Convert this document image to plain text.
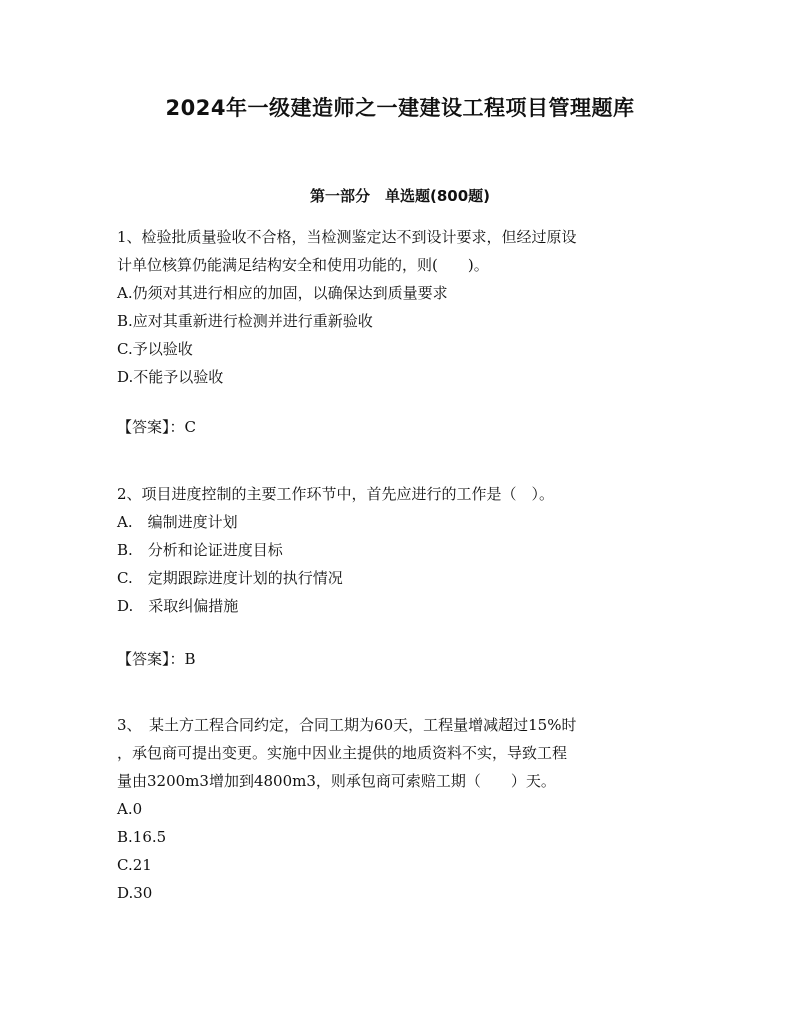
2024年一级建造师之一建建设工程项目管理题库
第一部分　单选题(800题)
1、检验批质量验收不合格，当检测鉴定达不到设计要求，但经过原设
计单位核算仍能满足结构安全和使用功能的，则(　　)。
A.仍须对其进行相应的加固，以确保达到质量要求
B.应对其重新进行检测并进行重新验收
C.予以验收
D.不能予以验收
【答案】：C
2、项目进度控制的主要工作环节中，首先应进行的工作是（　）。
A.　编制进度计划
B.　分析和论证进度目标
C.　定期跟踪进度计划的执行情况
D.　采取纠偏措施
【答案】：B
3、　某土方工程合同约定，合同工期为60天，工程量增减超过15%时
，承包商可提出变更。实施中因业主提供的地质资料不实，导致工程
量由3200m3增加到4800m3，则承包商可索赔工期（　　）天。
A.0
B.16.5
C.21
D.30
